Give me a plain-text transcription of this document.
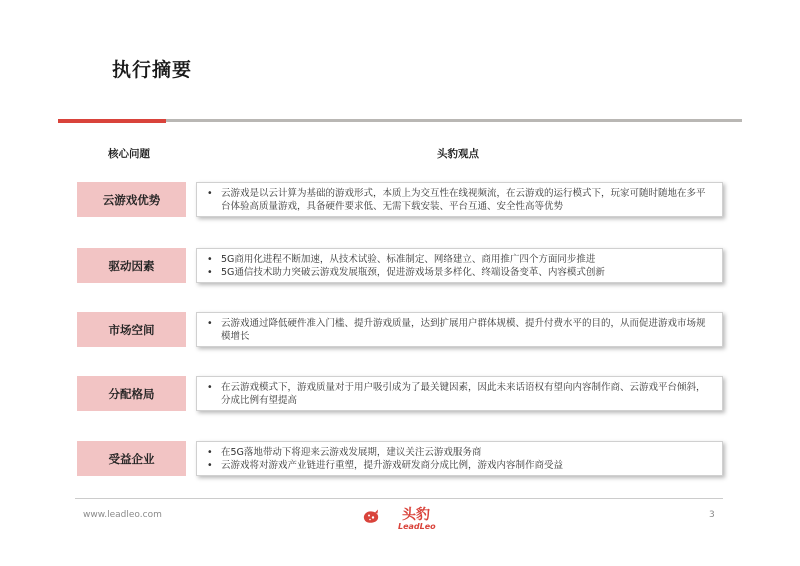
执行摘要
核心问题	头豹观点
云游戏优势	• 云游戏是以云计算为基础的游戏形式，本质上为交互性在线视频流，在云游戏的运行模式下，玩家可随时随地在多平台体验高质量游戏，具备硬件要求低、无需下载安装、平台互通、安全性高等优势
驱动因素	• 5G商用化进程不断加速，从技术试验、标准制定、网络建立、商用推广四个方面同步推进
• 5G通信技术助力突破云游戏发展瓶颈，促进游戏场景多样化、终端设备变革、内容模式创新
市场空间	• 云游戏通过降低硬件准入门槛、提升游戏质量，达到扩展用户群体规模、提升付费水平的目的，从而促进游戏市场规模增长
分配格局	• 在云游戏模式下，游戏质量对于用户吸引成为了最关键因素，因此未来话语权有望向内容制作商、云游戏平台倾斜，分成比例有望提高
受益企业	• 在5G落地带动下将迎来云游戏发展期，建议关注云游戏服务商
• 云游戏将对游戏产业链进行重塑，提升游戏研发商分成比例，游戏内容制作商受益
www.leadleo.com	3
头豹
LeadLeo
